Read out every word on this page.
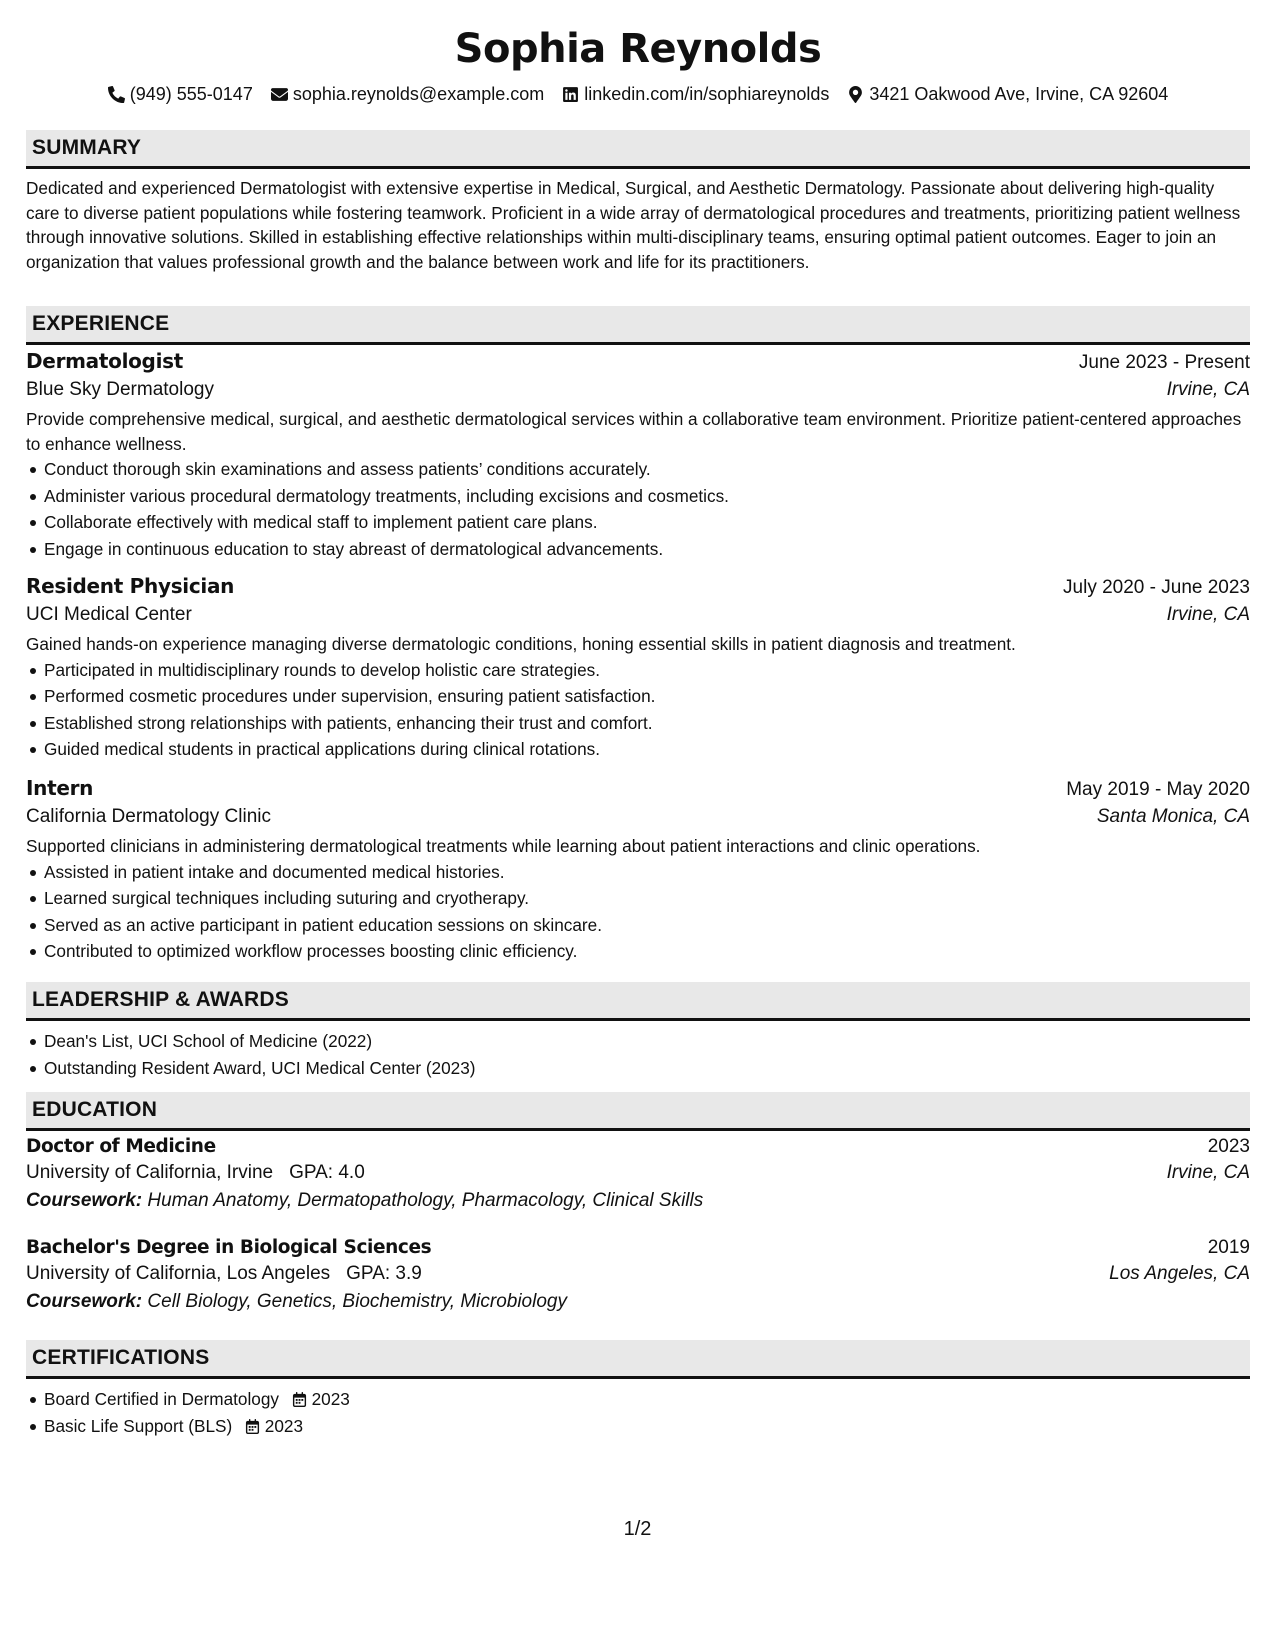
Sophia Reynolds
(949) 555-0147 sophia.reynolds@example.com linkedin.com/in/sophiareynolds 3421 Oakwood Ave, Irvine, CA 92604
SUMMARY
Dedicated and experienced Dermatologist with extensive expertise in Medical, Surgical, and Aesthetic Dermatology. Passionate about delivering high-quality care to diverse patient populations while fostering teamwork. Proficient in a wide array of dermatological procedures and treatments, prioritizing patient wellness through innovative solutions. Skilled in establishing effective relationships within multi-disciplinary teams, ensuring optimal patient outcomes. Eager to join an organization that values professional growth and the balance between work and life for its practitioners.
EXPERIENCE
Dermatologist	June 2023 - Present
Blue Sky Dermatology	Irvine, CA
Provide comprehensive medical, surgical, and aesthetic dermatological services within a collaborative team environment. Prioritize patient-centered approaches to enhance wellness.
Conduct thorough skin examinations and assess patients’ conditions accurately.
Administer various procedural dermatology treatments, including excisions and cosmetics.
Collaborate effectively with medical staff to implement patient care plans.
Engage in continuous education to stay abreast of dermatological advancements.
Resident Physician	July 2020 - June 2023
UCI Medical Center	Irvine, CA
Gained hands-on experience managing diverse dermatologic conditions, honing essential skills in patient diagnosis and treatment.
Participated in multidisciplinary rounds to develop holistic care strategies.
Performed cosmetic procedures under supervision, ensuring patient satisfaction.
Established strong relationships with patients, enhancing their trust and comfort.
Guided medical students in practical applications during clinical rotations.
Intern	May 2019 - May 2020
California Dermatology Clinic	Santa Monica, CA
Supported clinicians in administering dermatological treatments while learning about patient interactions and clinic operations.
Assisted in patient intake and documented medical histories.
Learned surgical techniques including suturing and cryotherapy.
Served as an active participant in patient education sessions on skincare.
Contributed to optimized workflow processes boosting clinic efficiency.
LEADERSHIP & AWARDS
Dean's List, UCI School of Medicine (2022)
Outstanding Resident Award, UCI Medical Center (2023)
EDUCATION
Doctor of Medicine	2023
University of California, Irvine GPA: 4.0	Irvine, CA
Coursework: Human Anatomy, Dermatopathology, Pharmacology, Clinical Skills
Bachelor's Degree in Biological Sciences	2019
University of California, Los Angeles GPA: 3.9	Los Angeles, CA
Coursework: Cell Biology, Genetics, Biochemistry, Microbiology
CERTIFICATIONS
Board Certified in Dermatology 2023
Basic Life Support (BLS) 2023
1/2
